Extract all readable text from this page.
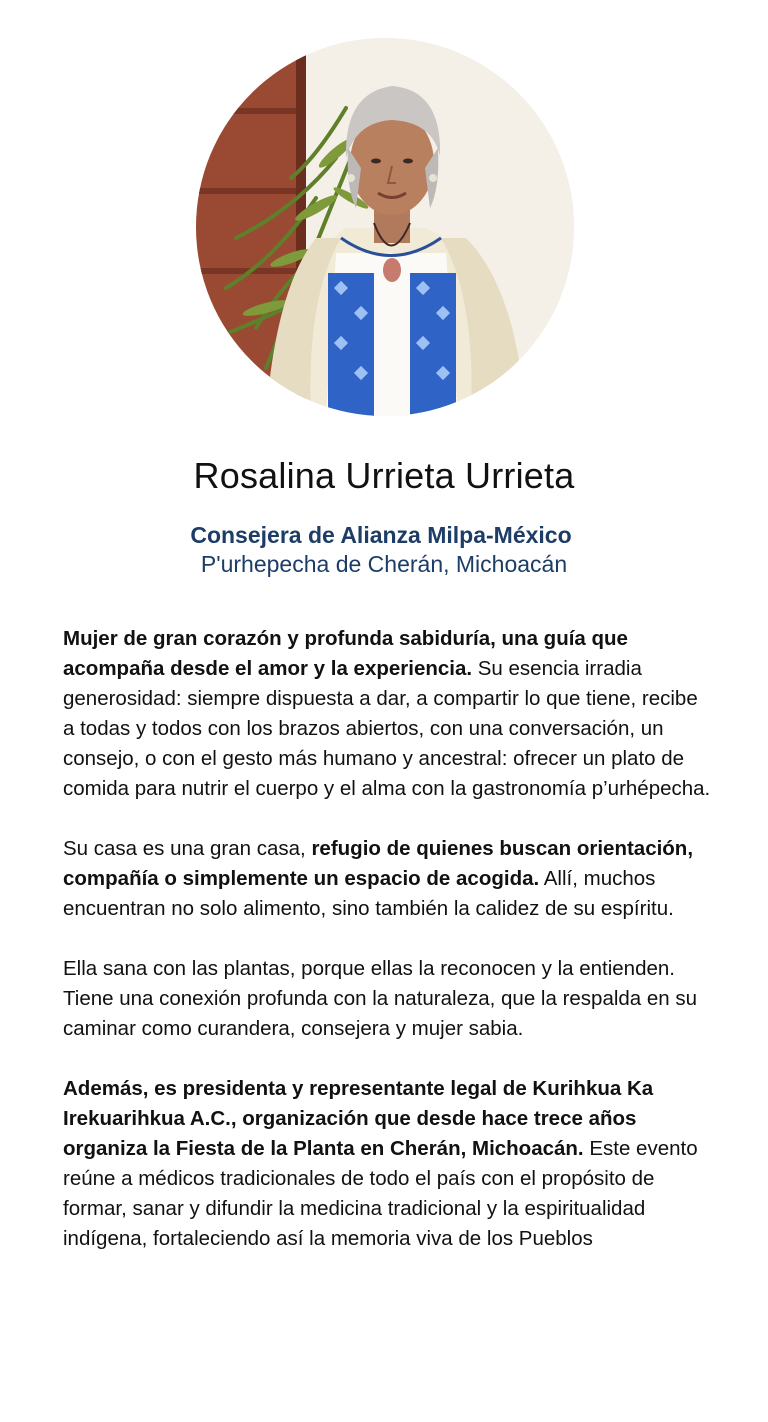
Rosalina Urrieta Urrieta
Consejera de Alianza Milpa-México
P'urhepecha de Cherán, Michoacán

Mujer de gran corazón y profunda sabiduría, una guía que acompaña desde el amor y la experiencia. Su esencia irradia generosidad: siempre dispuesta a dar, a compartir lo que tiene, recibe a todas y todos con los brazos abiertos, con una conversación, un consejo, o con el gesto más humano y ancestral: ofrecer un plato de comida para nutrir el cuerpo y el alma con la gastronomía p’urhépecha.

Su casa es una gran casa, refugio de quienes buscan orientación, compañía o simplemente un espacio de acogida. Allí, muchos encuentran no solo alimento, sino también la calidez de su espíritu.

Ella sana con las plantas, porque ellas la reconocen y la entienden. Tiene una conexión profunda con la naturaleza, que la respalda en su caminar como curandera, consejera y mujer sabia.

Además, es presidenta y representante legal de Kurihkua Ka Irekuarihkua A.C., organización que desde hace trece años organiza la Fiesta de la Planta en Cherán, Michoacán. Este evento reúne a médicos tradicionales de todo el país con el propósito de formar, sanar y difundir la medicina tradicional y la espiritualidad indígena, fortaleciendo así la memoria viva de los Pueblos
